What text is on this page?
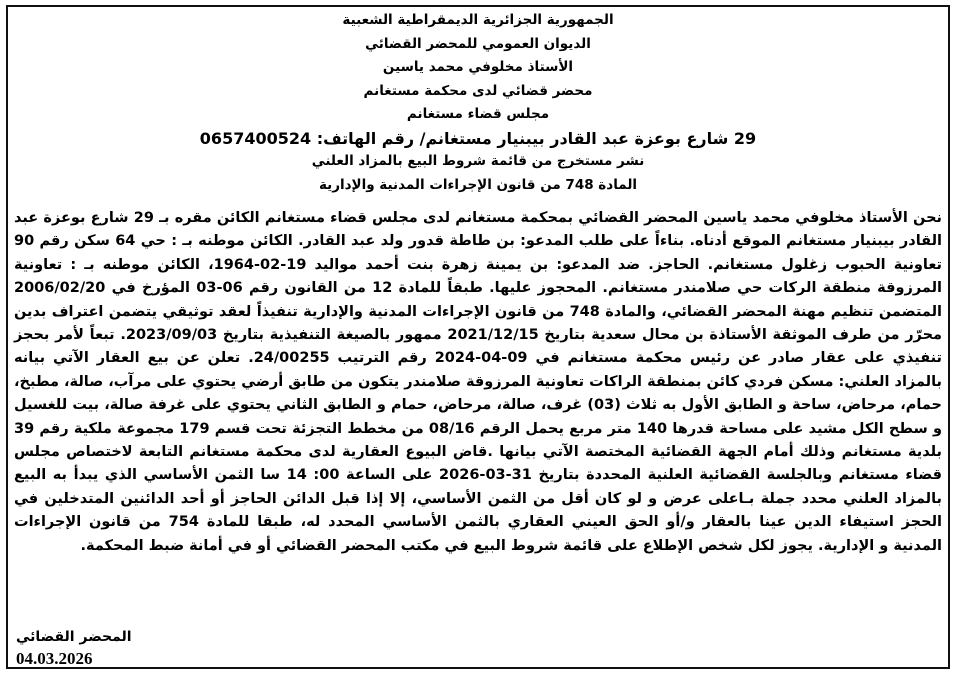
الجمهورية الجزائرية الديمقراطية الشعبية
الديوان العمومي للمحضر القضائي
الأستاذ مخلوفي محمد ياسين
محضر قضائي لدى محكمة مستغانم
مجلس قضاء مستغانم
29 شارع بوعزة عبد القادر بيبنيار مستغانم/ رقم الهاتف: 0657400524
نشر مستخرج من قائمة شروط البيع بالمزاد العلني
المادة 748 من قانون الإجراءات المدنية والإدارية

نحن الأستاذ مخلوفي محمد ياسين المحضر القضائي بمحكمة مستغانم لدى مجلس قضاء مستغانم الكائن مقره بـ 29 شارع بوعزة عبد القادر بيبنيار مستغانم الموقع أدناه. بناءاً على طلب المدعو: بن طاطة قدور ولد عبد القادر. الكائن موطنه بـ : حي 64 سكن رقم 90 تعاونية الحبوب زغلول مستغانم. الحاجز. ضد المدعو: بن يمينة زهرة بنت أحمد مواليد 19-02-1964، الكائن موطنه بـ : تعاونية المرزوقة منطقة الركات حي صلامندر مستغانم. المحجوز عليها. طبقاً للمادة 12 من القانون رقم 06-03 المؤرخ في 2006/02/20 المتضمن تنظيم مهنة المحضر القضائي، والمادة 748 من قانون الإجراءات المدنية والإدارية تنفيذاً لعقد توثيقي يتضمن اعتراف بدين محرّر من طرف الموثقة الأستاذة بن محال سعدية بتاريخ 2021/12/15 ممهور بالصيغة التنفيذية بتاريخ 2023/09/03. تبعاً لأمر بحجز تنفيذي على عقار صادر عن رئيس محكمة مستغانم في 09-04-2024 رقم الترتيب 24/00255. تعلن عن بيع العقار الآتي بيانه بالمزاد العلني: مسكن فردي كائن بمنطقة الراكات تعاونية المرزوقة صلامندر يتكون من طابق أرضي يحتوي على مرآب، صالة، مطبخ، حمام، مرحاض، ساحة و الطابق الأول به ثلاث (03) غرف، صالة، مرحاض، حمام و الطابق الثاني يحتوي على غرفة صالة، بيت للغسيل و سطح الكل مشيد على مساحة قدرها 140 متر مربع يحمل الرقم 08/16 من مخطط التجزئة تحت قسم 179 مجموعة ملكية رقم 39 بلدية مستغانم وذلك أمام الجهة القضائية المختصة الآتي بيانها .قاض البيوع العقارية لدى محكمة مستغانم التابعة لاختصاص مجلس قضاء مستغانم وبالجلسة القضائية العلنية المحددة بتاريخ 31-03-2026 على الساعة 00: 14 سا الثمن الأساسي الذي يبدأ به البيع بالمزاد العلني محدد جملة بـاعلى عرض و لو كان أقل من الثمن الأساسي، إلا إذا قبل الدائن الحاجز أو أحد الدائنين المتدخلين في الحجز استيفاء الدين عينا بالعقار و/أو الحق العيني العقاري بالثمن الأساسي المحدد له، طبقا للمادة 754 من قانون الإجراءات المدنية و الإدارية. يجوز لكل شخص الإطلاع على قائمة شروط البيع في مكتب المحضر القضائي أو في أمانة ضبط المحكمة.

المحضر القضائي
04.03.2026
